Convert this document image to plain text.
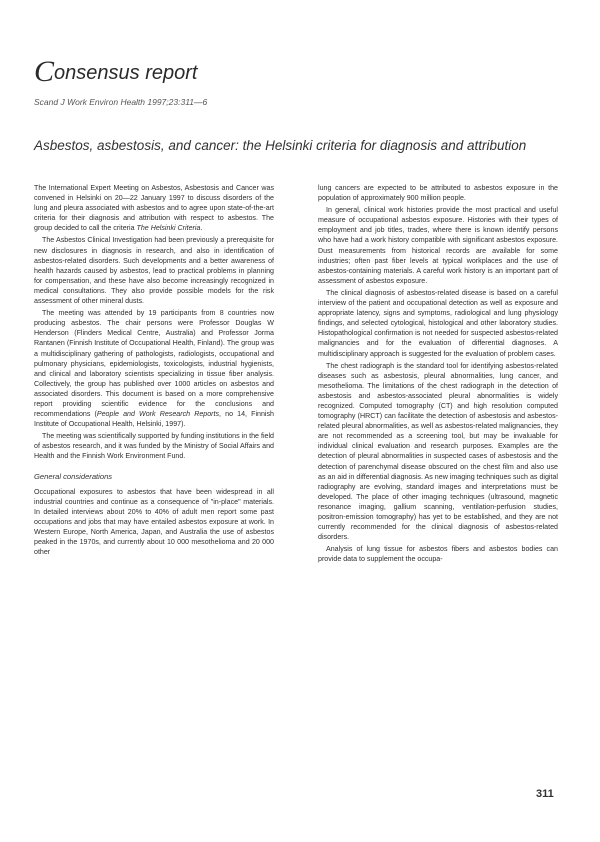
Consensus report
Scand J Work Environ Health 1997;23:311—6
Asbestos, asbestosis, and cancer: the Helsinki criteria for diagnosis and attribution

The International Expert Meeting on Asbestos, Asbestosis and Cancer was convened in Helsinki on 20—22 January 1997 to discuss disorders of the lung and pleura associated with asbestos and to agree upon state-of-the-art criteria for their diagnosis and attribution with respect to asbestos. The group decided to call the criteria The Helsinki Criteria.

The Asbestos Clinical Investigation had been previously a prerequisite for new disclosures in diagnosis in research, and also in identification of asbestos-related disorders. Such developments and a better awareness of health hazards caused by asbestos, lead to practical problems in planning for compensation, and these have also become increasingly recognized in medical consultations. They also provide possible models for the risk assessment of other mineral dusts.

The meeting was attended by 19 participants from 8 countries now producing asbestos. The chair persons were Professor Douglas W Henderson (Flinders Medical Centre, Australia) and Professor Jorma Rantanen (Finnish Institute of Occupational Health, Finland). The group was a multidisciplinary gathering of pathologists, radiologists, occupational and pulmonary physicians, epidemiologists, toxicologists, industrial hygienists, and clinical and laboratory scientists specializing in tissue fiber analysis. Collectively, the group has published over 1000 articles on asbestos and associated disorders. This document is based on a more comprehensive report providing scientific evidence for the conclusions and recommendations (People and Work Research Reports, no 14, Finnish Institute of Occupational Health, Helsinki, 1997).

The meeting was scientifically supported by funding institutions in the field of asbestos research, and it was funded by the Ministry of Social Affairs and Health and the Finnish Work Environment Fund.

General considerations

Occupational exposures to asbestos that have been widespread in all industrial countries and continue as a consequence of "in-place" materials. In detailed interviews about 20% to 40% of adult men report some past occupations and jobs that may have entailed asbestos exposure at work. In Western Europe, North America, Japan, and Australia the use of asbestos peaked in the 1970s, and currently about 10 000 mesothelioma and 20 000 other

lung cancers are expected to be attributed to asbestos exposure in the population of approximately 900 million people.

In general, clinical work histories provide the most practical and useful measure of occupational asbestos exposure. Histories with their types of employment and job titles, trades, where there is known identify persons who have had a work history compatible with significant asbestos exposure. Dust measurements from historical records are available for some industries; often past fiber levels at typical workplaces and the use of asbestos-containing materials. A careful work history is an important part of assessment of asbestos exposure.

The clinical diagnosis of asbestos-related disease is based on a careful interview of the patient and occupational detection as well as exposure and appropriate latency, signs and symptoms, radiological and lung physiology findings, and selected cytological, histological and other laboratory studies. Histopathological confirmation is not needed for suspected asbestos-related malignancies and for the evaluation of differential diagnoses. A multidisciplinary approach is suggested for the evaluation of problem cases.

The chest radiograph is the standard tool for identifying asbestos-related diseases such as asbestosis, pleural abnormalities, lung cancer, and mesothelioma. The limitations of the chest radiograph in the detection of asbestosis and asbestos-associated pleural abnormalities is widely recognized. Computed tomography (CT) and high resolution computed tomography (HRCT) can facilitate the detection of asbestosis and asbestos-related pleural abnormalities, as well as asbestos-related malignancies, they are not recommended as a screening tool, but may be invaluable for individual clinical evaluation and research purposes. Examples are the detection of pleural abnormalities in suspected cases of asbestosis and the detection of parenchymal disease obscured on the chest film and also use as an aid in differential diagnosis. As new imaging techniques such as digital radiography are evolving, standard images and interpretations must be developed. The place of other imaging techniques (ultrasound, magnetic resonance imaging, gallium scanning, ventilation-perfusion studies, positron-emission tomography) has yet to be established, and they are not currently recommended for the clinical diagnosis of asbestos-related disorders.

Analysis of lung tissue for asbestos fibers and asbestos bodies can provide data to supplement the occupa-

311
